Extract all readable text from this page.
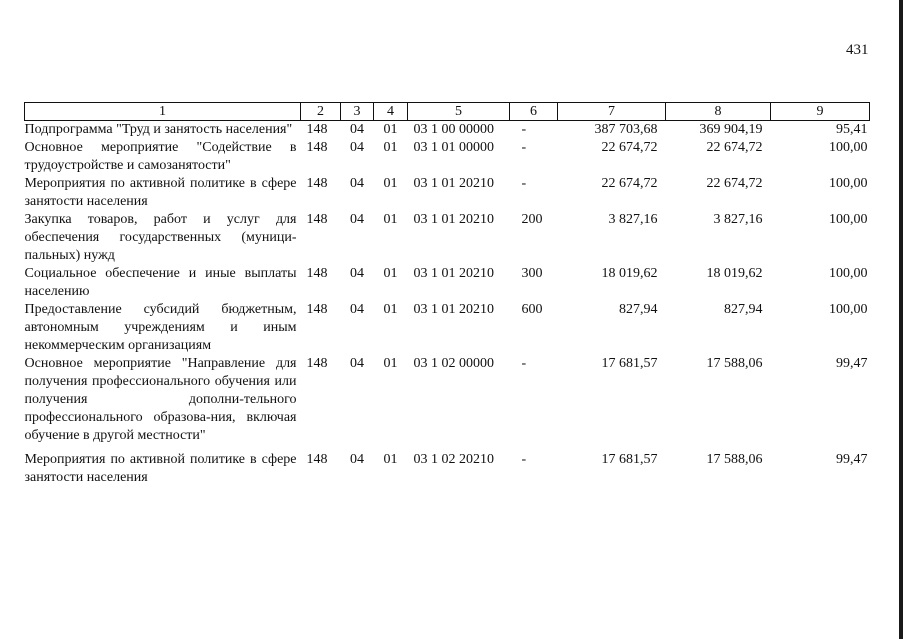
431
1	2	3	4	5	6	7	8	9
Подпрограмма "Труд и занятость населения"	148	04	01	03 1 00 00000	-	387 703,68	369 904,19	95,41
Основное мероприятие "Содействие в трудоустройстве и самозанятости"	148	04	01	03 1 01 00000	-	22 674,72	22 674,72	100,00
Мероприятия по активной политике в сфере занятости населения	148	04	01	03 1 01 20210	-	22 674,72	22 674,72	100,00
Закупка товаров, работ и услуг для обеспечения государственных (муници-пальных) нужд	148	04	01	03 1 01 20210	200	3 827,16	3 827,16	100,00
Социальное обеспечение и иные выплаты населению	148	04	01	03 1 01 20210	300	18 019,62	18 019,62	100,00
Предоставление субсидий бюджетным, автономным учреждениям и иным некоммерческим организациям	148	04	01	03 1 01 20210	600	827,94	827,94	100,00
Основное мероприятие "Направление для получения профессионального обучения или получения дополни-тельного профессионального образова-ния, включая обучение в другой местности"	148	04	01	03 1 02 00000	-	17 681,57	17 588,06	99,47
Мероприятия по активной политике в сфере занятости населения	148	04	01	03 1 02 20210	-	17 681,57	17 588,06	99,47
